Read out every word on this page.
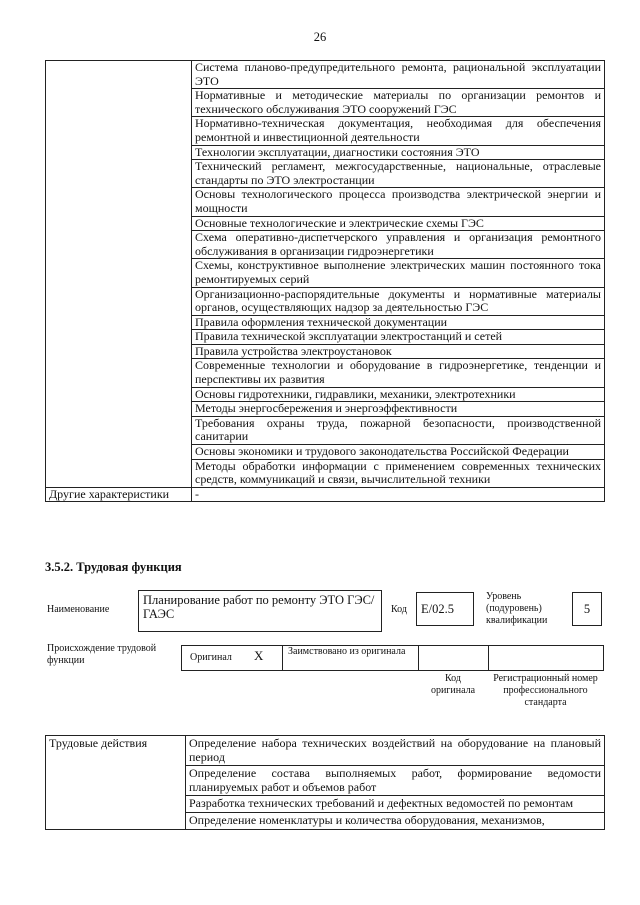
26
	Система планово-предупредительного ремонта, рациональной эксплуатации ЭТО
	Нормативные и методические материалы по организации ремонтов и технического обслуживания ЭТО сооружений ГЭС
	Нормативно-техническая документация, необходимая для обеспечения ремонтной и инвестиционной деятельности
	Технологии эксплуатации, диагностики состояния ЭТО
	Технический регламент, межгосударственные, национальные, отраслевые стандарты по ЭТО электростанции
	Основы технологического процесса производства электрической энергии и мощности
	Основные технологические и электрические схемы ГЭС
	Схема оперативно-диспетчерского управления и организация ремонтного обслуживания в организации гидроэнергетики
	Схемы, конструктивное выполнение электрических машин постоянного тока ремонтируемых серий
	Организационно-распорядительные документы и нормативные материалы органов, осуществляющих надзор за деятельностью ГЭС
	Правила оформления технической документации
	Правила технической эксплуатации электростанций и сетей
	Правила устройства электроустановок
	Современные технологии и оборудование в гидроэнергетике, тенденции и перспективы их развития
	Основы гидротехники, гидравлики, механики, электротехники
	Методы энергосбережения и энергоэффективности
	Требования охраны труда, пожарной безопасности, производственной санитарии
	Основы экономики и трудового законодательства Российской Федерации
	Методы обработки информации с применением современных технических средств, коммуникаций и связи, вычислительной техники
Другие характеристики	-
3.5.2. Трудовая функция
Наименование
Планирование работ по ремонту ЭТО ГЭС/ГАЭС	Код	E/02.5
Уровень (подуровень) квалификации
5
Происхождение трудовой функции	Оригинал X Заимствовано из оригинала
Код оригинала
Регистрационный номер профессионального стандарта
Трудовые действия	Определение набора технических воздействий на оборудование на плановый период
Определение состава выполняемых работ, формирование ведомости планируемых работ и объемов работ
Разработка технических требований и дефектных ведомостей по ремонтам
Определение номенклатуры и количества оборудования, механизмов,
